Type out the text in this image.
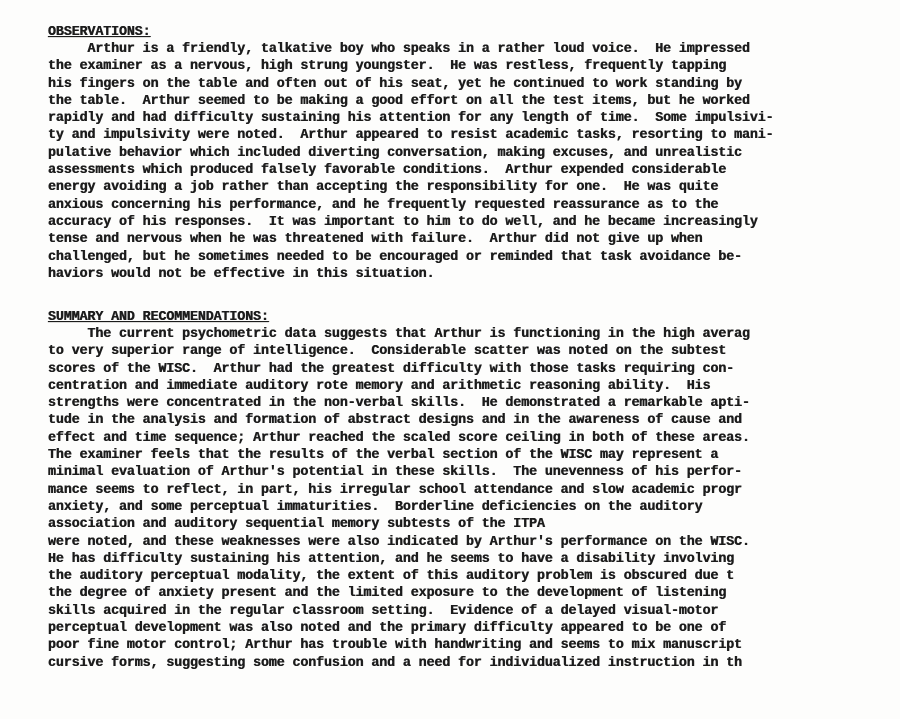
OBSERVATIONS:

Arthur is a friendly, talkative boy who speaks in a rather loud voice.  He impressed
the examiner as a nervous, high strung youngster.  He was restless, frequently tapping
his fingers on the table and often out of his seat, yet he continued to work standing by
the table.  Arthur seemed to be making a good effort on all the test items, but he worked
rapidly and had difficulty sustaining his attention for any length of time.  Some impulsivi-
ty and impulsivity were noted.  Arthur appeared to resist academic tasks, resorting to mani-
pulative behavior which included diverting conversation, making excuses, and unrealistic
assessments which produced falsely favorable conditions.  Arthur expended considerable
energy avoiding a job rather than accepting the responsibility for one.  He was quite
anxious concerning his performance, and he frequently requested reassurance as to the
accuracy of his responses.  It was important to him to do well, and he became increasingly
tense and nervous when he was threatened with failure.  Arthur did not give up when
challenged, but he sometimes needed to be encouraged or reminded that task avoidance be-
haviors would not be effective in this situation.

SUMMARY AND RECOMMENDATIONS:

The current psychometric data suggests that Arthur is functioning in the high averag
to very superior range of intelligence.  Considerable scatter was noted on the subtest
scores of the WISC.  Arthur had the greatest difficulty with those tasks requiring con-
centration and immediate auditory rote memory and arithmetic reasoning ability.  His
strengths were concentrated in the non-verbal skills.  He demonstrated a remarkable apti-
tude in the analysis and formation of abstract designs and in the awareness of cause and
effect and time sequence; Arthur reached the scaled score ceiling in both of these areas.
The examiner feels that the results of the verbal section of the WISC may represent a
minimal evaluation of Arthur's potential in these skills.  The unevenness of his perfor-
mance seems to reflect, in part, his irregular school attendance and slow academic progr
anxiety, and some perceptual immaturities.  Borderline deficiencies on the auditory
association and auditory sequential memory subtests of the ITPA
were noted, and these weaknesses were also indicated by Arthur's performance on the WISC.
He has difficulty sustaining his attention, and he seems to have a disability involving
the auditory perceptual modality, the extent of this auditory problem is obscured due t
the degree of anxiety present and the limited exposure to the development of listening
skills acquired in the regular classroom setting.  Evidence of a delayed visual-motor
perceptual development was also noted and the primary difficulty appeared to be one of
poor fine motor control; Arthur has trouble with handwriting and seems to mix manuscript
cursive forms, suggesting some confusion and a need for individualized instruction in th
